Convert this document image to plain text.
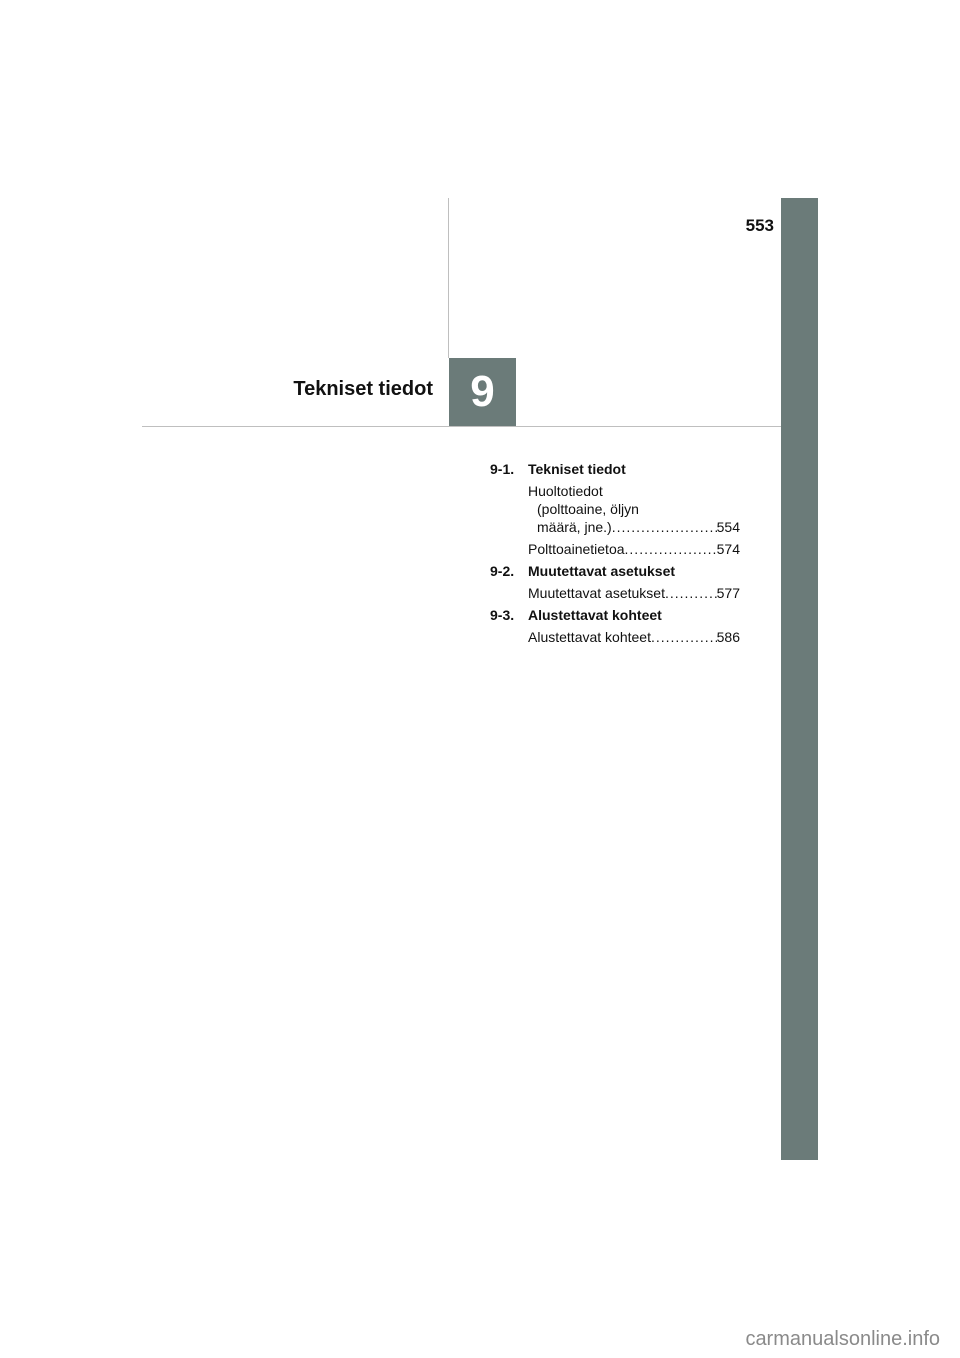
553
Tekniset tiedot 9
9-1. Tekniset tiedot
Huoltotiedot
(polttoaine, öljyn
määrä, jne.) .....	554
Polttoainetietoa .....	574
9-2. Muutettavat asetukset
Muutettavat asetukset .....	577
9-3. Alustettavat kohteet
Alustettavat kohteet .....	586
carmanualsonline.info
